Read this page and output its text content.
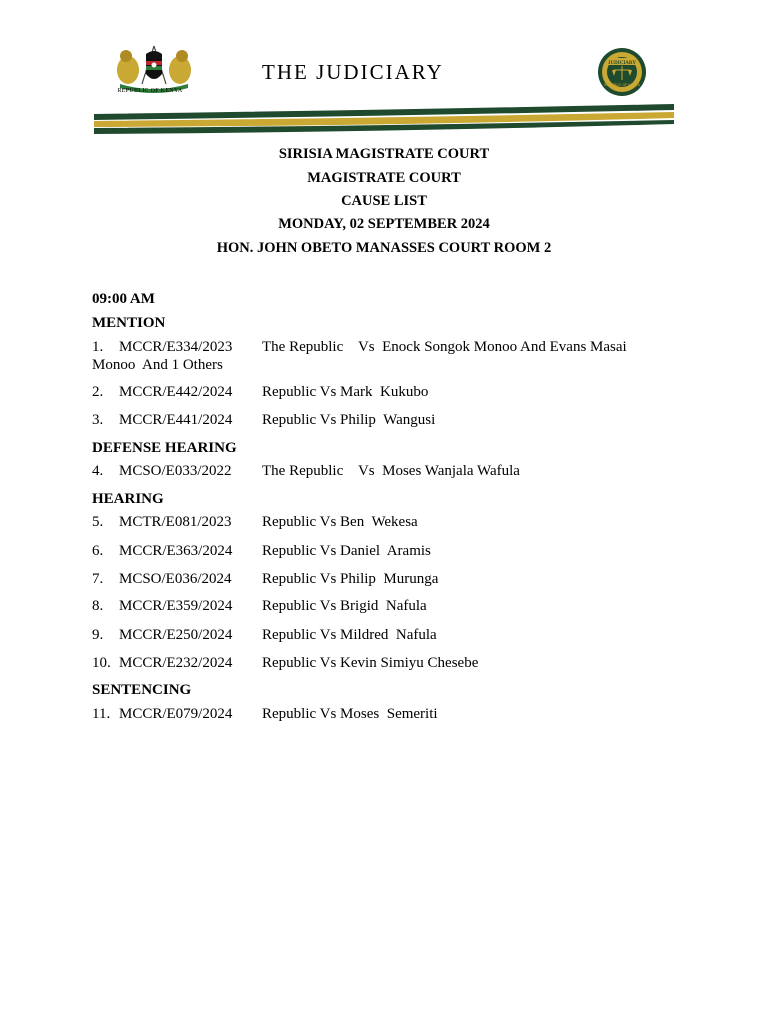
REPUBLIC OF KENYA
THE JUDICIARY	JUDICIARY
REPUBLIC OF KENYA
SIRISIA MAGISTRATE COURT
MAGISTRATE COURT
CAUSE LIST
MONDAY, 02 SEPTEMBER 2024
HON. JOHN OBETO MANASSES COURT ROOM 2
09:00 AM
MENTION
1. MCCR/E334/2023 The Republic    Vs  Enock Songok Monoo And Evans Masai
Monoo  And 1 Others
2. MCCR/E442/2024 Republic Vs Mark  Kukubo
3. MCCR/E441/2024 Republic Vs Philip  Wangusi
DEFENSE HEARING
4. MCSO/E033/2022 The Republic    Vs  Moses Wanjala Wafula
HEARING
5. MCTR/E081/2023 Republic Vs Ben  Wekesa
6. MCCR/E363/2024 Republic Vs Daniel  Aramis
7. MCSO/E036/2024 Republic Vs Philip  Murunga
8. MCCR/E359/2024 Republic Vs Brigid  Nafula
9. MCCR/E250/2024 Republic Vs Mildred  Nafula
10. MCCR/E232/2024 Republic Vs Kevin Simiyu Chesebe
SENTENCING
11. MCCR/E079/2024 Republic Vs Moses  Semeriti
